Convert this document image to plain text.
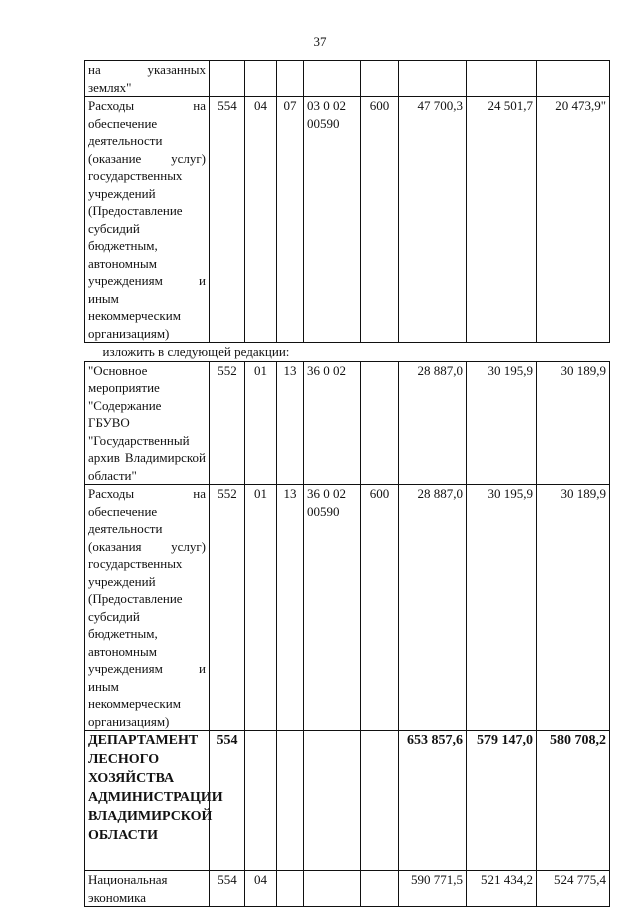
37
на указанных землях"								
Расходы на обеспечение деятельности (оказание услуг) государственных учреждений (Предоставление субсидий бюджетным, автономным учреждениям и иным некоммерческим организациям)	554	04	07	03 0 02 00590	600	47 700,3	24 501,7	20 473,9"
изложить в следующей редакции:								
"Основное мероприятие "Содержание ГБУВО "Государственный архив Владимирской области"	552	01	13	36 0 02		28 887,0	30 195,9	30 189,9
Расходы на обеспечение деятельности (оказания услуг) государственных учреждений (Предоставление субсидий бюджетным, автономным учреждениям и иным некоммерческим организациям)	552	01	13	36 0 02 00590	600	28 887,0	30 195,9	30 189,9
ДЕПАРТАМЕНТ ЛЕСНОГО ХОЗЯЙСТВА АДМИНИСТРАЦИИ ВЛАДИМИРСКОЙ ОБЛАСТИ	554					653 857,6	579 147,0	580 708,2
Национальная экономика	554	04				590 771,5	521 434,2	524 775,4
